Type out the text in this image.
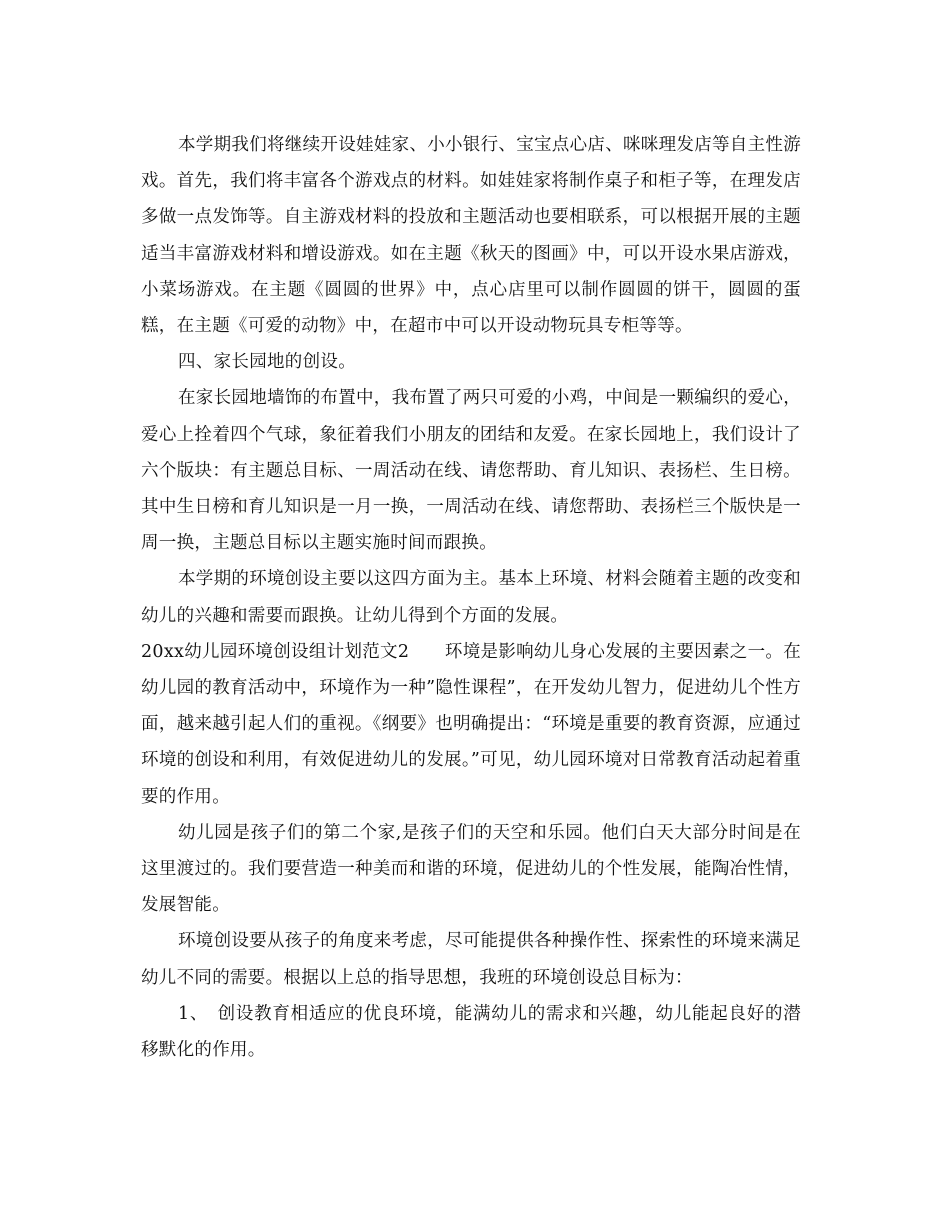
本学期我们将继续开设娃娃家、小小银行、宝宝点心店、咪咪理发店等自主性游戏。首先，我们将丰富各个游戏点的材料。如娃娃家将制作桌子和柜子等，在理发店多做一点发饰等。自主游戏材料的投放和主题活动也要相联系，可以根据开展的主题适当丰富游戏材料和增设游戏。如在主题《秋天的图画》中，可以开设水果店游戏，小菜场游戏。在主题《圆圆的世界》中，点心店里可以制作圆圆的饼干，圆圆的蛋糕，在主题《可爱的动物》中，在超市中可以开设动物玩具专柜等等。

四、家长园地的创设。

在家长园地墙饰的布置中，我布置了两只可爱的小鸡，中间是一颗编织的爱心，爱心上拴着四个气球，象征着我们小朋友的团结和友爱。在家长园地上，我们设计了六个版块：有主题总目标、一周活动在线、请您帮助、育儿知识、表扬栏、生日榜。其中生日榜和育儿知识是一月一换，一周活动在线、请您帮助、表扬栏三个版快是一周一换，主题总目标以主题实施时间而跟换。

本学期的环境创设主要以这四方面为主。基本上环境、材料会随着主题的改变和幼儿的兴趣和需要而跟换。让幼儿得到个方面的发展。

20xx幼儿园环境创设组计划范文2　　环境是影响幼儿身心发展的主要因素之一。在幼儿园的教育活动中，环境作为一种”隐性课程”，在开发幼儿智力，促进幼儿个性方面，越来越引起人们的重视。《纲要》也明确提出：“环境是重要的教育资源，应通过环境的创设和利用，有效促进幼儿的发展。”可见，幼儿园环境对日常教育活动起着重要的作用。

幼儿园是孩子们的第二个家,是孩子们的天空和乐园。他们白天大部分时间是在这里渡过的。我们要营造一种美而和谐的环境，促进幼儿的个性发展，能陶冶性情，发展智能。

环境创设要从孩子的角度来考虑，尽可能提供各种操作性、探索性的环境来满足幼儿不同的需要。根据以上总的指导思想，我班的环境创设总目标为：

1、　创设教育相适应的优良环境，能满幼儿的需求和兴趣，幼儿能起良好的潜移默化的作用。
